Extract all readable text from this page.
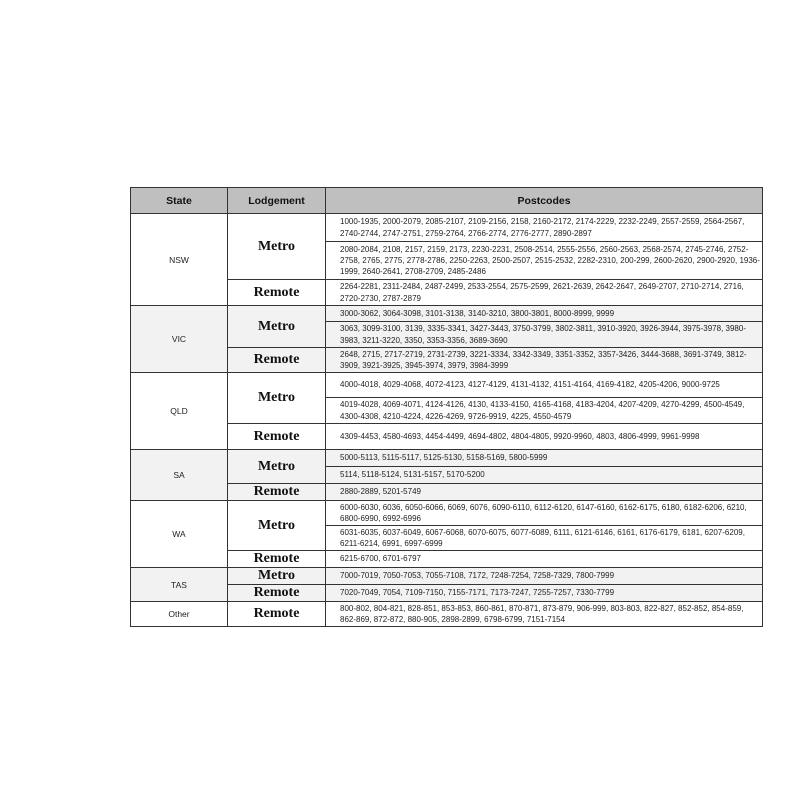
State	Lodgement	Postcodes
NSW	Metro	1000-1935, 2000-2079, 2085-2107, 2109-2156, 2158, 2160-2172, 2174-2229, 2232-2249, 2557-2559, 2564-2567, 2740-2744, 2747-2751, 2759-2764, 2766-2774, 2776-2777, 2890-2897
		2080-2084, 2108, 2157, 2159, 2173, 2230-2231, 2508-2514, 2555-2556, 2560-2563, 2568-2574, 2745-2746, 2752-2758, 2765, 2775, 2778-2786, 2250-2263, 2500-2507, 2515-2532, 2282-2310, 200-299, 2600-2620, 2900-2920, 1936-1999, 2640-2641, 2708-2709, 2485-2486
	Remote	2264-2281, 2311-2484, 2487-2499, 2533-2554, 2575-2599, 2621-2639, 2642-2647, 2649-2707, 2710-2714, 2716, 2720-2730, 2787-2879
VIC	Metro	3000-3062, 3064-3098, 3101-3138, 3140-3210, 3800-3801, 8000-8999, 9999
		3063, 3099-3100, 3139, 3335-3341, 3427-3443, 3750-3799, 3802-3811, 3910-3920, 3926-3944, 3975-3978, 3980-3983, 3211-3220, 3350, 3353-3356, 3689-3690
	Remote	2648, 2715, 2717-2719, 2731-2739, 3221-3334, 3342-3349, 3351-3352, 3357-3426, 3444-3688, 3691-3749, 3812-3909, 3921-3925, 3945-3974, 3979, 3984-3999
QLD	Metro	4000-4018, 4029-4068, 4072-4123, 4127-4129, 4131-4132, 4151-4164, 4169-4182, 4205-4206, 9000-9725
		4019-4028, 4069-4071, 4124-4126, 4130, 4133-4150, 4165-4168, 4183-4204, 4207-4209, 4270-4299, 4500-4549, 4300-4308, 4210-4224, 4226-4269, 9726-9919, 4225, 4550-4579
	Remote	4309-4453, 4580-4693, 4454-4499, 4694-4802, 4804-4805, 9920-9960, 4803, 4806-4999, 9961-9998
SA	Metro	5000-5113, 5115-5117, 5125-5130, 5158-5169, 5800-5999
		5114, 5118-5124, 5131-5157, 5170-5200
	Remote	2880-2889, 5201-5749
WA	Metro	6000-6030, 6036, 6050-6066, 6069, 6076, 6090-6110, 6112-6120, 6147-6160, 6162-6175, 6180, 6182-6206, 6210, 6800-6990, 6992-6996
		6031-6035, 6037-6049, 6067-6068, 6070-6075, 6077-6089, 6111, 6121-6146, 6161, 6176-6179, 6181, 6207-6209, 6211-6214, 6991, 6997-6999
	Remote	6215-6700, 6701-6797
TAS	Metro	7000-7019, 7050-7053, 7055-7108, 7172, 7248-7254, 7258-7329, 7800-7999
	Remote	7020-7049, 7054, 7109-7150, 7155-7171, 7173-7247, 7255-7257, 7330-7799
Other	Remote	800-802, 804-821, 828-851, 853-853, 860-861, 870-871, 873-879, 906-999, 803-803, 822-827, 852-852, 854-859, 862-869, 872-872, 880-905, 2898-2899, 6798-6799, 7151-7154
